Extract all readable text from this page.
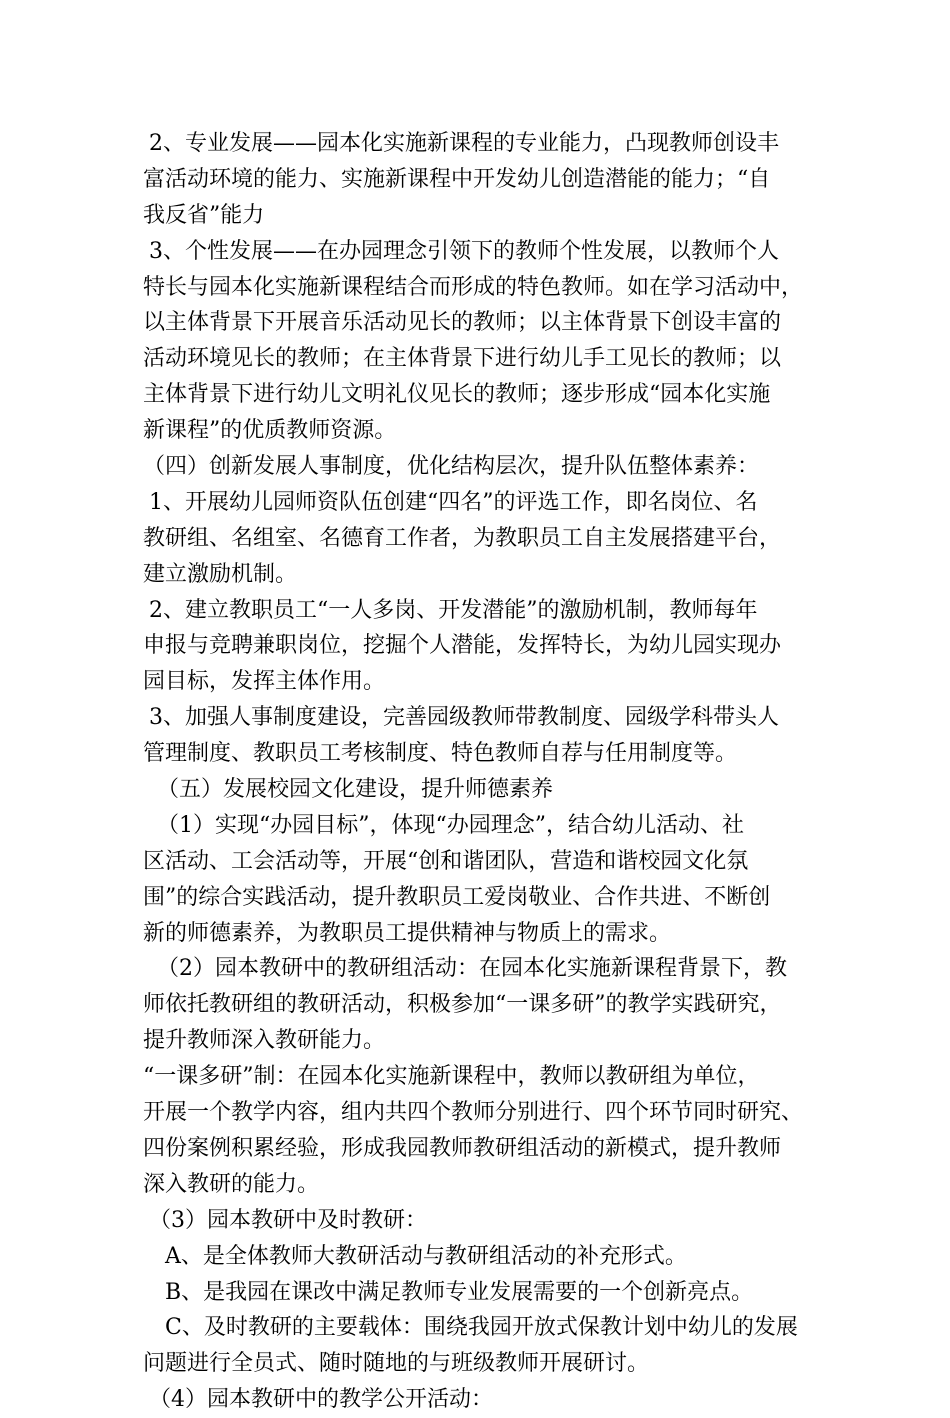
2、专业发展——园本化实施新课程的专业能力，凸现教师创设丰
富活动环境的能力、实施新课程中开发幼儿创造潜能的能力；“自
我反省”能力
3、个性发展——在办园理念引领下的教师个性发展，以教师个人
特长与园本化实施新课程结合而形成的特色教师。如在学习活动中，
以主体背景下开展音乐活动见长的教师；以主体背景下创设丰富的
活动环境见长的教师；在主体背景下进行幼儿手工见长的教师；以
主体背景下进行幼儿文明礼仪见长的教师；逐步形成“园本化实施
新课程”的优质教师资源。
（四）创新发展人事制度，优化结构层次，提升队伍整体素养：
1、开展幼儿园师资队伍创建“四名”的评选工作，即名岗位、名
教研组、名组室、名德育工作者，为教职员工自主发展搭建平台，
建立激励机制。
2、建立教职员工“一人多岗、开发潜能”的激励机制，教师每年
申报与竞聘兼职岗位，挖掘个人潜能，发挥特长，为幼儿园实现办
园目标，发挥主体作用。
3、加强人事制度建设，完善园级教师带教制度、园级学科带头人
管理制度、教职员工考核制度、特色教师自荐与任用制度等。
（五）发展校园文化建设，提升师德素养
（1）实现“办园目标”，体现“办园理念”，结合幼儿活动、社
区活动、工会活动等，开展“创和谐团队，营造和谐校园文化氛
围”的综合实践活动，提升教职员工爱岗敬业、合作共进、不断创
新的师德素养，为教职员工提供精神与物质上的需求。
（2）园本教研中的教研组活动：在园本化实施新课程背景下，教
师依托教研组的教研活动，积极参加“一课多研”的教学实践研究，
提升教师深入教研能力。
“一课多研”制：在园本化实施新课程中，教师以教研组为单位，
开展一个教学内容，组内共四个教师分别进行、四个环节同时研究、
四份案例积累经验，形成我园教师教研组活动的新模式，提升教师
深入教研的能力。
（3）园本教研中及时教研：
A、是全体教师大教研活动与教研组活动的补充形式。
B、是我园在课改中满足教师专业发展需要的一个创新亮点。
C、及时教研的主要载体：围绕我园开放式保教计划中幼儿的发展
问题进行全员式、随时随地的与班级教师开展研讨。
（4）园本教研中的教学公开活动：
